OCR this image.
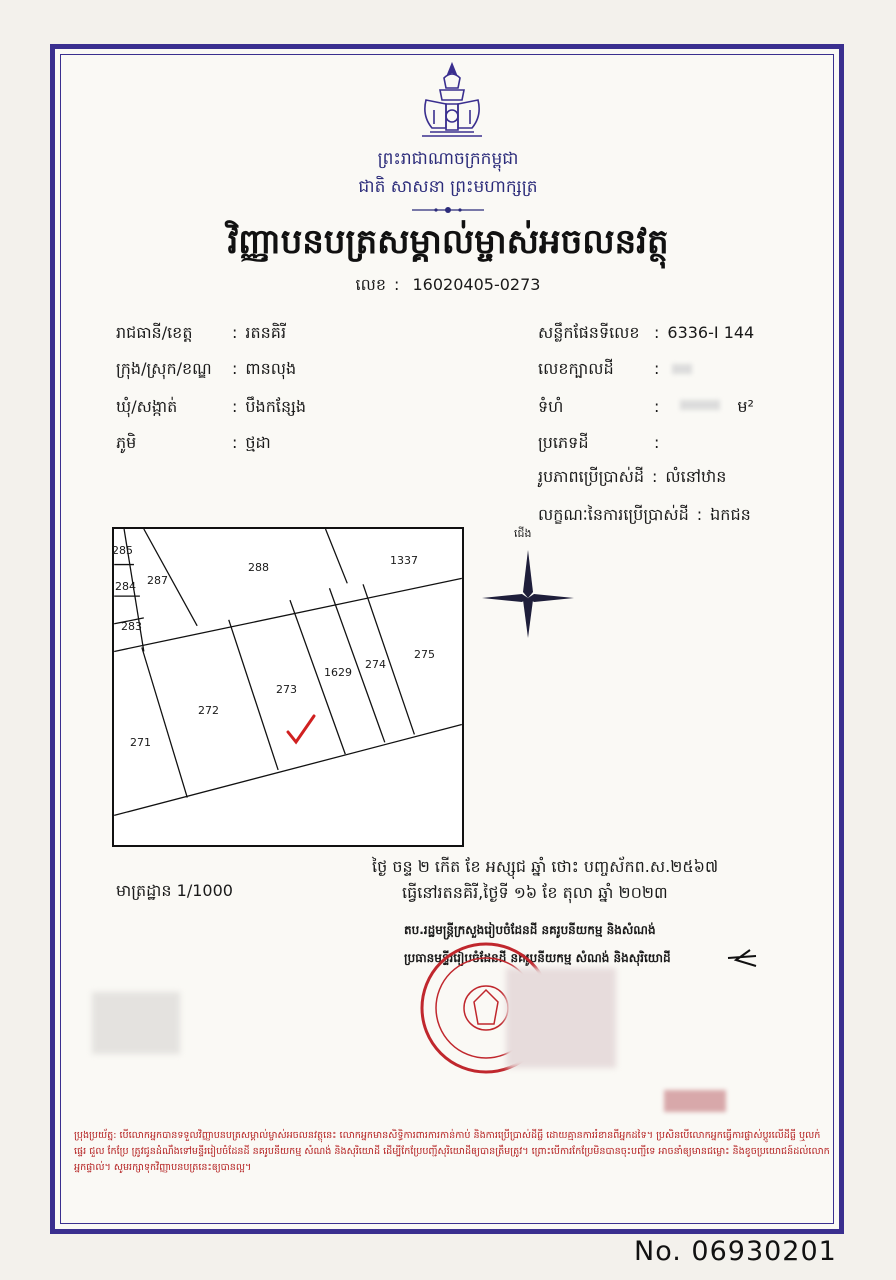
ព្រះរាជាណាចក្រកម្ពុជា
ជាតិ សាសនា ព្រះមហាក្សត្រ
វិញ្ញាបនបត្រសម្គាល់ម្ចាស់អចលនវត្ថុ
លេខ : 16020405-0273
រាជធានី/ខេត្ត : រតនគិរី
ក្រុង/ស្រុក/ខណ្ឌ : ពានលុង
ឃុំ/សង្កាត់	: បឹងកន្សែង
ភូមិ	: ថ្មដា
សន្លឹកផែនទីលេខ : 6336-I 144
លេខក្បាលដី	:
ទំហំ	:	ម²
ប្រភេទដី	:
រូបភាពប្រើប្រាស់ដី : លំនៅឋាន
លក្ខណៈនៃការប្រើប្រាស់ដី : ឯកជន
285
284 287
288
1337
283
273
1629
274
275
272
271
ជើង
ថ្ងៃ ចន្ទ ២ កើត ខែ អស្សុជ ឆ្នាំ ថោះ បញ្ចស័កព.ស.២៥៦៧
ធ្វើនៅរតនគិរី,ថ្ងៃទី ១៦ ខែ តុលា ឆ្នាំ ២០២៣
តប.រដ្ឋមន្ត្រីក្រសួងរៀបចំដែនដី នគរូបនីយកម្ម និងសំណង់
ប្រធានមន្ទីររៀបចំដែនដី នគរូបនីយកម្ម សំណង់ និងសុរិយោដី
មាត្រដ្ឋាន 1/1000
ប្រុងប្រយ័ត្ន: បើលោកអ្នកបានទទួលវិញ្ញាបនបត្រសម្គាល់ម្ចាស់អចលនវត្ថុនេះ លោកអ្នកមានសិទ្ធិការពារការកាន់កាប់ និងការប្រើប្រាស់ដីធ្លី ដោយគ្មានការរំខានពីអ្នកដទៃ។ ប្រសិនបើលោកអ្នកធ្វើការផ្លាស់ប្តូរលើដីធ្លី ឬលក់ ផ្ទេរ ជួល កែប្រែ ត្រូវជូនដំណឹងទៅមន្ទីររៀបចំដែនដី នគរូបនីយកម្ម សំណង់ និងសុរិយោដី ដើម្បីកែប្រែបញ្ជីសុរិយោដីឲ្យបានត្រឹមត្រូវ។ ព្រោះបើការកែប្រែមិនបានចុះបញ្ជីទេ អាចនាំឲ្យមានជម្លោះ និងខូចប្រយោជន៍ដល់លោកអ្នកផ្ទាល់។ សូមរក្សាទុកវិញ្ញាបនបត្រនេះឲ្យបានល្អ។
No. 06930201
